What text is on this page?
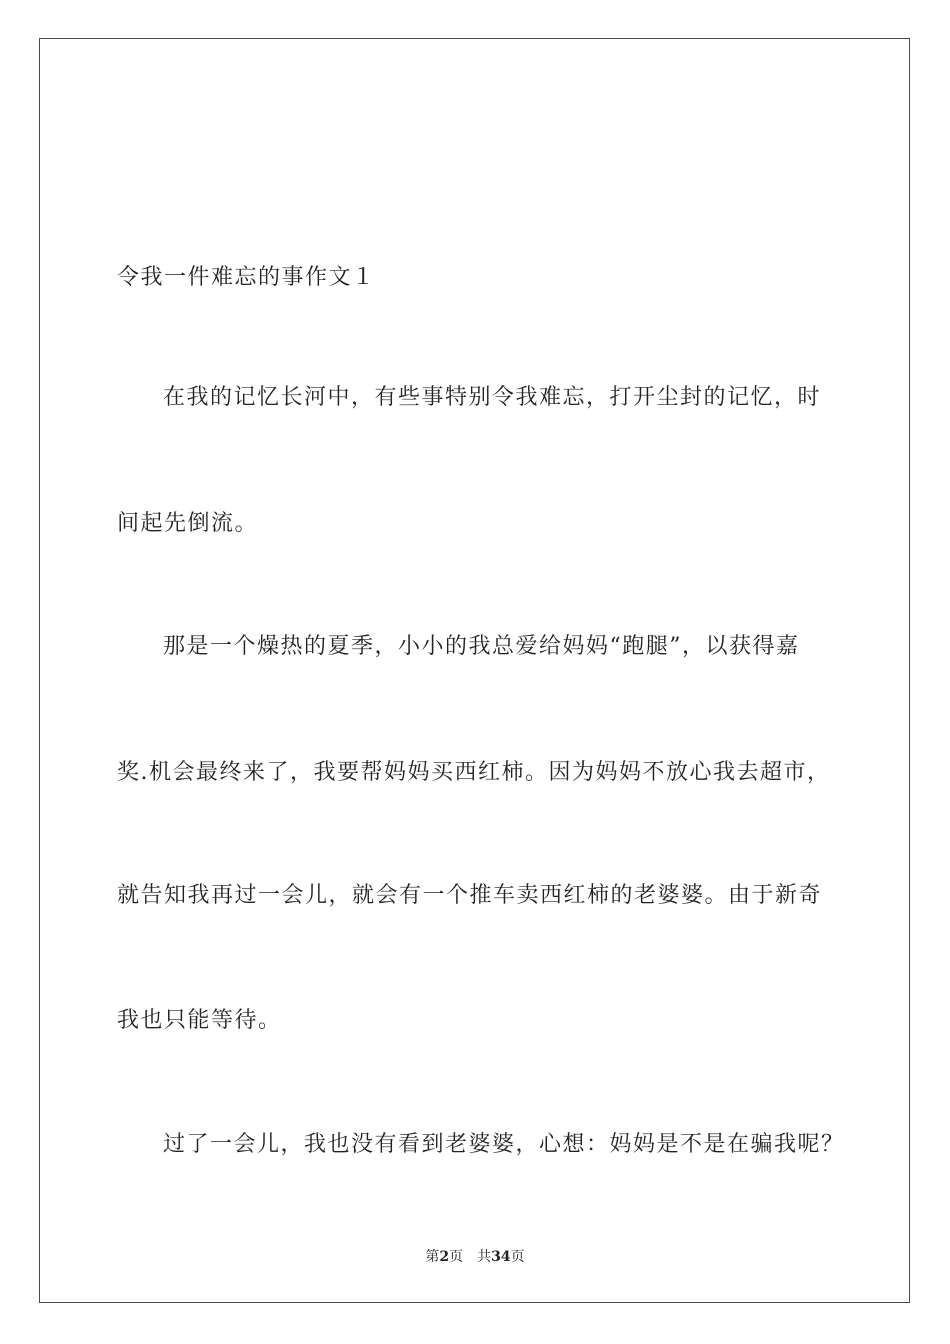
令我一件难忘的事作文１
在我的记忆长河中，有些事特别令我难忘，打开尘封的记忆，时
间起先倒流。
那是一个燥热的夏季，小小的我总爱给妈妈“跑腿”，以获得嘉
奖.机会最终来了，我要帮妈妈买西红柿。因为妈妈不放心我去超市，
就告知我再过一会儿，就会有一个推车卖西红柿的老婆婆。由于新奇
我也只能等待。
过了一会儿，我也没有看到老婆婆，心想：妈妈是不是在骗我呢？
第2页 共34页
